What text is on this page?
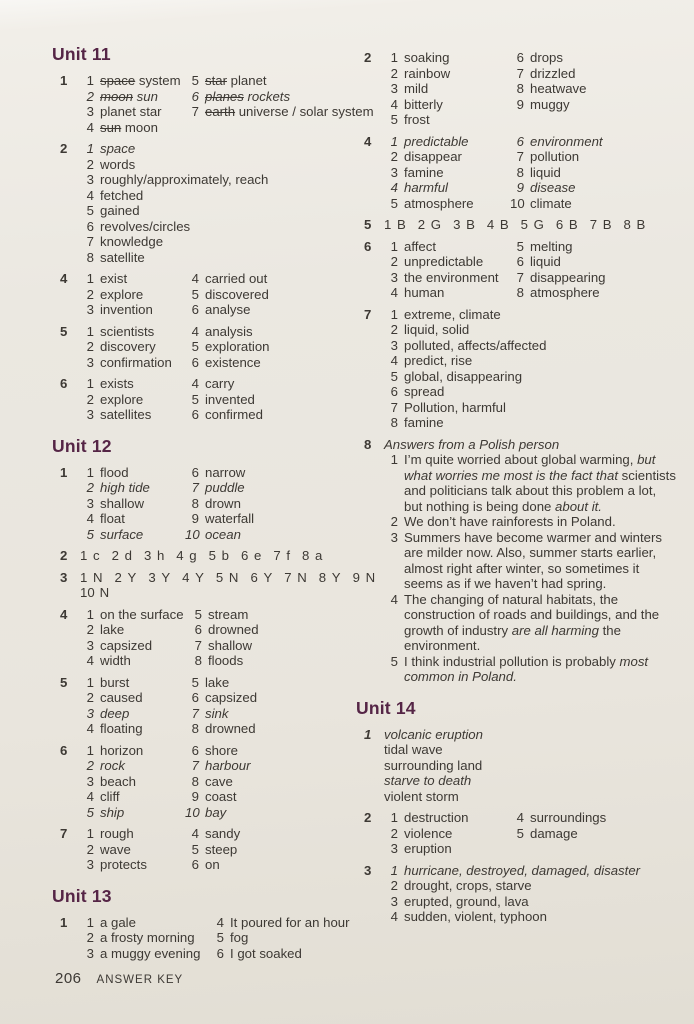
Unit 11
1	1 space system
2 moon sun
3 planet star
4 sun moon
5 star planet
6 planes rockets
7 earth universe / solar system
2	1 space
2 words
3 roughly/approximately, reach
4 fetched
5 gained
6 revolves/circles
7 knowledge
8 satellite
4	1 exist
2 explore
3 invention
4 carried out
5 discovered
6 analyse
5	1 scientists
2 discovery
3 confirmation
4 analysis
5 exploration
6 existence
6	1 exists
2 explore
3 satellites
4 carry
5 invented
6 confirmed
Unit 12
1	1 flood
2 high tide
3 shallow
4 float
5 surface
6 narrow
7 puddle
8 drown
9 waterfall
10 ocean
2 1 c 2 d 3 h 4 g 5 b 6 e 7 f 8 a
3 1 N 2 Y 3 Y 4 Y 5 N 6 Y 7 N 8 Y 9 N
10 N
4	1 on the surface
2 lake
3 capsized
4 width
5 stream
6 drowned
7 shallow
8 floods
5	1 burst
2 caused
3 deep
4 floating
5 lake
6 capsized
7 sink
8 drowned
6	1 horizon
2 rock
3 beach
4 cliff
5 ship
6 shore
7 harbour
8 cave
9 coast
10 bay
7	1 rough
2 wave
3 protects
4 sandy
5 steep
6 on
Unit 13
1	1 a gale
2 a frosty morning
3 a muggy evening
4 It poured for an hour
5 fog
6 I got soaked
2	1 soaking
2 rainbow
3 mild
4 bitterly
5 frost
6 drops
7 drizzled
8 heatwave
9 muggy
4	1 predictable
2 disappear
3 famine
4 harmful
5 atmosphere
6 environment
7 pollution
8 liquid
9 disease
10 climate
5 1 B 2 G 3 B 4 B 5 G 6 B 7 B 8 B
6	1 affect
2 unpredictable
3 the environment
4 human
5 melting
6 liquid
7 disappearing
8 atmosphere
7	1 extreme, climate
2 liquid, solid
3 polluted, affects/affected
4 predict, rise
5 global, disappearing
6 spread
7 Pollution, harmful
8 famine
8 Answers from a Polish person
1 I’m quite worried about global warming, but what worries me most is the fact that scientists and politicians talk about this problem a lot, but nothing is being done about it.
2 We don’t have rainforests in Poland.
3 Summers have become warmer and winters are milder now. Also, summer starts earlier, almost right after winter, so sometimes it seems as if we haven’t had spring.
4 The changing of natural habitats, the construction of roads and buildings, and the growth of industry are all harming the environment.
5 I think industrial pollution is probably most common in Poland.
Unit 14
1 volcanic eruption
tidal wave
surrounding land
starve to death
violent storm
2	1 destruction
2 violence
3 eruption
4 surroundings
5 damage
3	1 hurricane, destroyed, damaged, disaster
2 drought, crops, starve
3 erupted, ground, lava
4 sudden, violent, typhoon
206 ANSWER KEY
